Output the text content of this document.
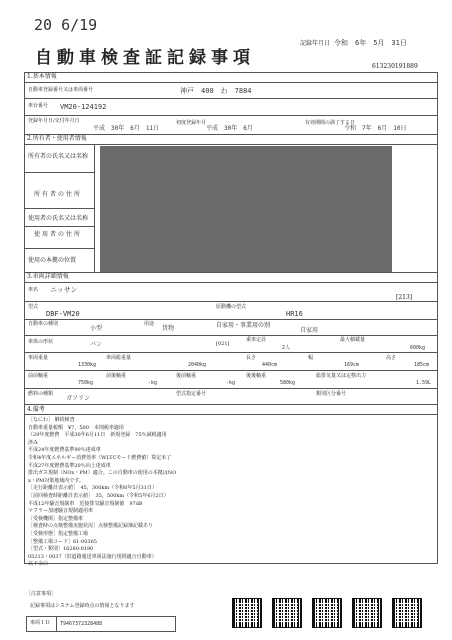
20 6/19
記録年月日 令和　6年　5月　31日
自動車検査証記録事項	613230191889
1.基本情報
自動車登録番号又は車両番号	神戸　400　わ　7884
車台番号 VM20-124192
登録年月日/交付年月日
平成　30年　6月　11日
初度登録年月
平成　30年　6月
有効期間の満了する日
令和　7年　6月　10日
2.所有者・使用者情報
所有者の氏名又は名称
所有者の住所
使用者の氏名又は名称
使用者の住所
使用の本拠の位置
3.車両詳細情報
車名 ニッサン
[213]
型式
DBF-VM20
原動機の型式
HR16
自動車の種別
小型
用途
貨物	自家用・事業用の別
自家用
車体の形状	バン	[021]
乗車定員
2人
最大積載量
600kg
車両重量
1330kg
車両総重量
2040kg
長さ
440cm
幅
169cm
高さ
185cm
前前軸重
750kg
前後軸重
-kg
後前軸重
-kg
後後軸重
580kg
総排気量又は定格出力
1.59L
燃料の種類
ガソリン
型式指定番号	類別区分番号
4.備考
［なにわ］ 継続検査
自動車重量税額　¥7，500　本則税率適用
（29年度燃費　平成30年6月11日　新規登録　75％減税適用
済み
平成24年度燃費基準90％達成車
令和4年度エネルギー消費効率（WLTCモード燃費値）算定未了
平成27年度燃費基準20％向上達成車
排出ガス規制（NOx・PM）適合。この自動車の使用の本拠はNO
x・PM対策地域内です。
［走行距離計表示値］　45，300km（令和6年5月31日）
［前回検査時距離計表示値］　35，500km（令和5年6月2日）
平成12年騒音規制車　近接排気騒音規制値　97dB
マフラー加速騒音規制適用車
［受検機関］指定整備車
［検査時の点検整備実施状況］点検整備記録簿記載あり
［受検形態］指定整備工場
［整備工場コード］61-00365
［型式・類別］16280-0190
05213・0037（旧道路運送車両法施行規則適合自動車）
以下余白
［注意事項］
記録事項はシステム登録時点の情報となります
車両ＩＤ T9467372328488
